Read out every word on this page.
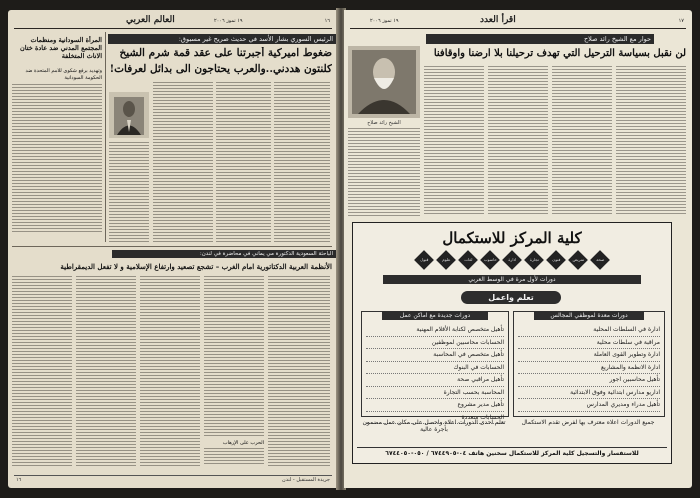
العالم العربي	١٩ تموز ٢٠٠٦	١٦
الرئيس السوري بشار الأسد في حديث صريح غير مسبوق:
ضغوط اميركية أجبرتنا على عقد قمة شرم الشيخ
كلنتون هددني..والعرب يحتاجون الى بدائل لعرفات!
المرأة السودانية ومنظمات المجتمع المدني ضد عادة ختان الاناث المتخلفة
وتهديد برفع شكوى للامم المتحدة ضد الحكومة السودانية
الباحثة السعودية الدكتورة مي يماني في محاضرة في لندن:
الأنظمة العربية الدكتاتورية امام الغرب – تشجع تصعيد وارتفاع الإسلامية و لا تفعل الديمقراطية
الحرب على الإرهاب
١٦	جريدة المستقبل - لندن
اقرأ العدد
١٩ تموز ٢٠٠٦	١٧
حوار مع الشيخ رائد صلاح
لن نقبل بسياسة الترحيل التي تهدف ترحيلنا بلا ارضنا واوقافنا
الشيخ رائد صلاح
كلية المركز للاستكمال
قبول	علوم	لغات	حاسوب	ادارة	تجارة	فنون	تمريض	صحة
دورات لأول مرة في الوسط العربي
تعلم واعمل
دورات معدة لموظفي المجالس
ادارة في السلطات المحلية
مراقبة في سلطات محلية
ادارة وتطوير القوى العاملة
ادارة الانظمة والمشاريع
تأهيل محاسبين اجور
اداريو مدارس ابتدائية وفوق الابتدائية
تأهيل مدراء ومديري المدارس
جميع الدورات اعلاه معترف بها لفرض تقدم الاستكمال
دورات جديدة مع اماكن عمل
تأهيل متخصص لكتابة الأقلام المهنية
الحسابات محاسبين لموظفين
تأهيل متخصص في المحاسبة
الحسابات في البنوك
تأهيل مراقبي صحة
المحاسبة بحسب التجارة
تأهيل مدير مشروع
الحسابات متعددة
تعلم احدى الدورات اعلاه واحصل على مكان عمل مضمون بأجرة عالية
للاستفسار والتسجيل كلية المركز للاستكمال سخنين هاتف ٠٤-٦٧٤٤٩٠٥ / ٠٥٠-٦٧٤٤٠٥٠
